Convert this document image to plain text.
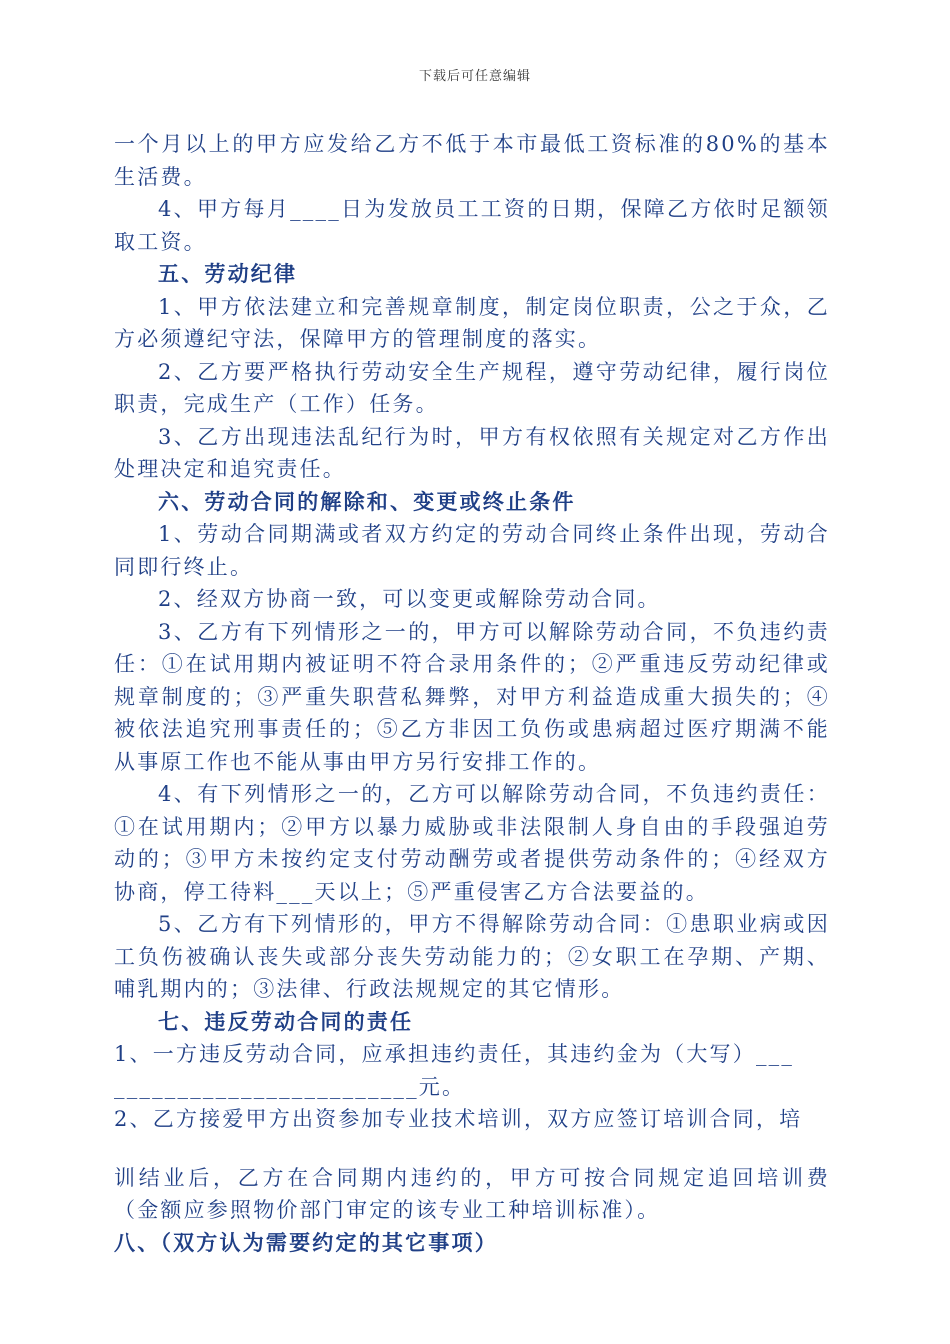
下载后可任意编辑

一个月以上的甲方应发给乙方不低于本市最低工资标准的80%的基本生活费。

4、甲方每月____日为发放员工工资的日期，保障乙方依时足额领取工资。

五、劳动纪律

1、甲方依法建立和完善规章制度，制定岗位职责，公之于众，乙方必须遵纪守法，保障甲方的管理制度的落实。

2、乙方要严格执行劳动安全生产规程，遵守劳动纪律，履行岗位职责，完成生产（工作）任务。

3、乙方出现违法乱纪行为时，甲方有权依照有关规定对乙方作出处理决定和追究责任。

六、劳动合同的解除和、变更或终止条件

1、劳动合同期满或者双方约定的劳动合同终止条件出现，劳动合同即行终止。

2、经双方协商一致，可以变更或解除劳动合同。

3、乙方有下列情形之一的，甲方可以解除劳动合同，不负违约责任：①在试用期内被证明不符合录用条件的；②严重违反劳动纪律或规章制度的；③严重失职营私舞弊，对甲方利益造成重大损失的；④被依法追究刑事责任的；⑤乙方非因工负伤或患病超过医疗期满不能从事原工作也不能从事由甲方另行安排工作的。

4、有下列情形之一的，乙方可以解除劳动合同，不负违约责任：①在试用期内；②甲方以暴力威胁或非法限制人身自由的手段强迫劳动的；③甲方未按约定支付劳动酬劳或者提供劳动条件的；④经双方协商，停工待料___天以上；⑤严重侵害乙方合法要益的。

5、乙方有下列情形的，甲方不得解除劳动合同：①患职业病或因工负伤被确认丧失或部分丧失劳动能力的；②女职工在孕期、产期、哺乳期内的；③法律、行政法规规定的其它情形。

七、违反劳动合同的责任

1、一方违反劳动合同，应承担违约责任，其违约金为（大写）___

________________________元。

2、乙方接爱甲方出资参加专业技术培训，双方应签订培训合同，培

训结业后，乙方在合同期内违约的，甲方可按合同规定追回培训费（金额应参照物价部门审定的该专业工种培训标准）。

八、（双方认为需要约定的其它事项）
